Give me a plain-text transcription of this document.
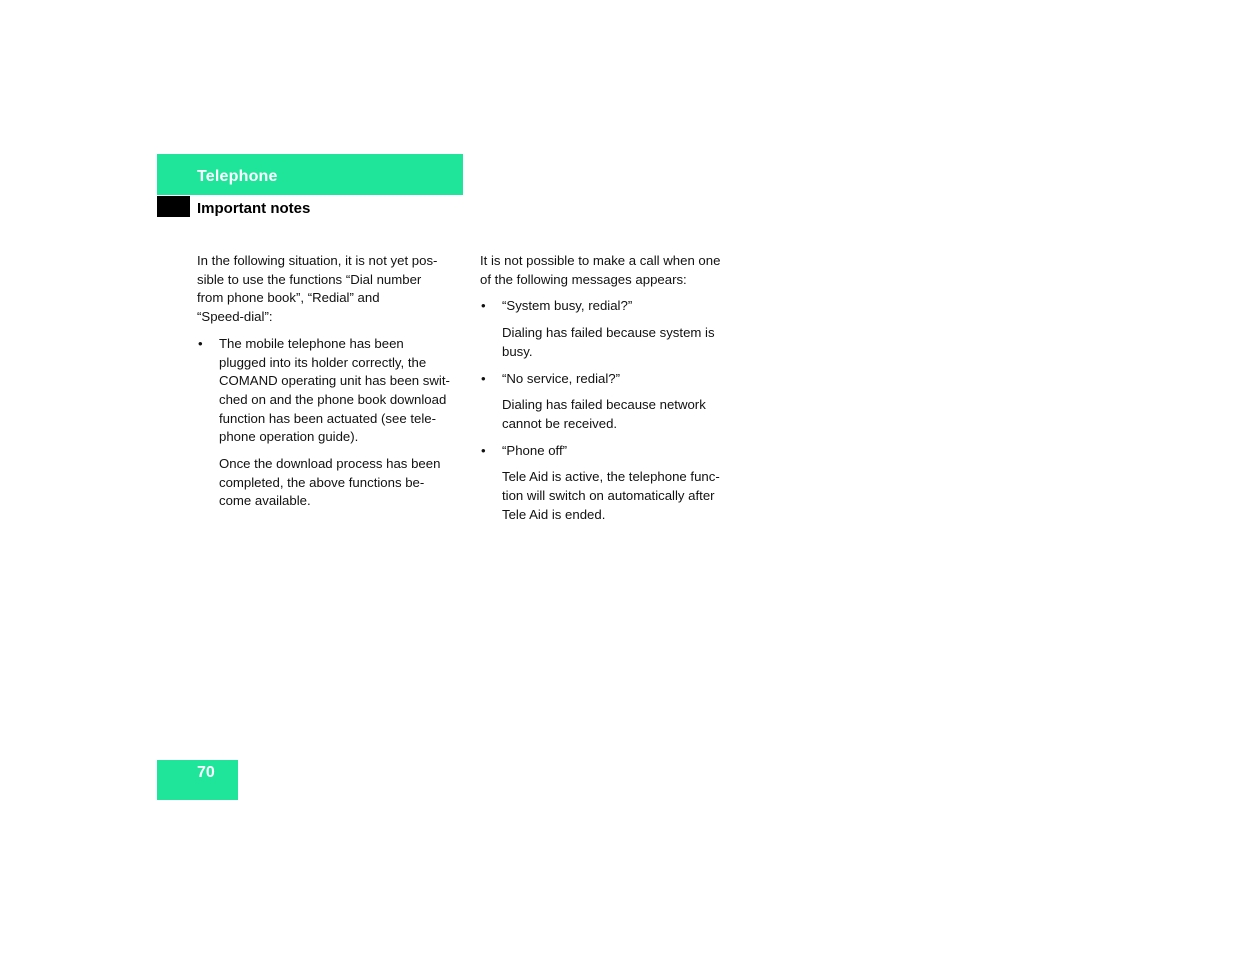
Telephone
Important notes
In the following situation, it is not yet pos-
sible to use the functions “Dial number
from phone book”, “Redial” and
“Speed-dial”:
• The mobile telephone has been
plugged into its holder correctly, the
COMAND operating unit has been swit-
ched on and the phone book download
function has been actuated (see tele-
phone operation guide).
Once the download process has been
completed, the above functions be-
come available.
It is not possible to make a call when one
of the following messages appears:
• “System busy, redial?”
Dialing has failed because system is
busy.
• “No service, redial?”
Dialing has failed because network
cannot be received.
• “Phone off”
Tele Aid is active, the telephone func-
tion will switch on automatically after
Tele Aid is ended.
70
